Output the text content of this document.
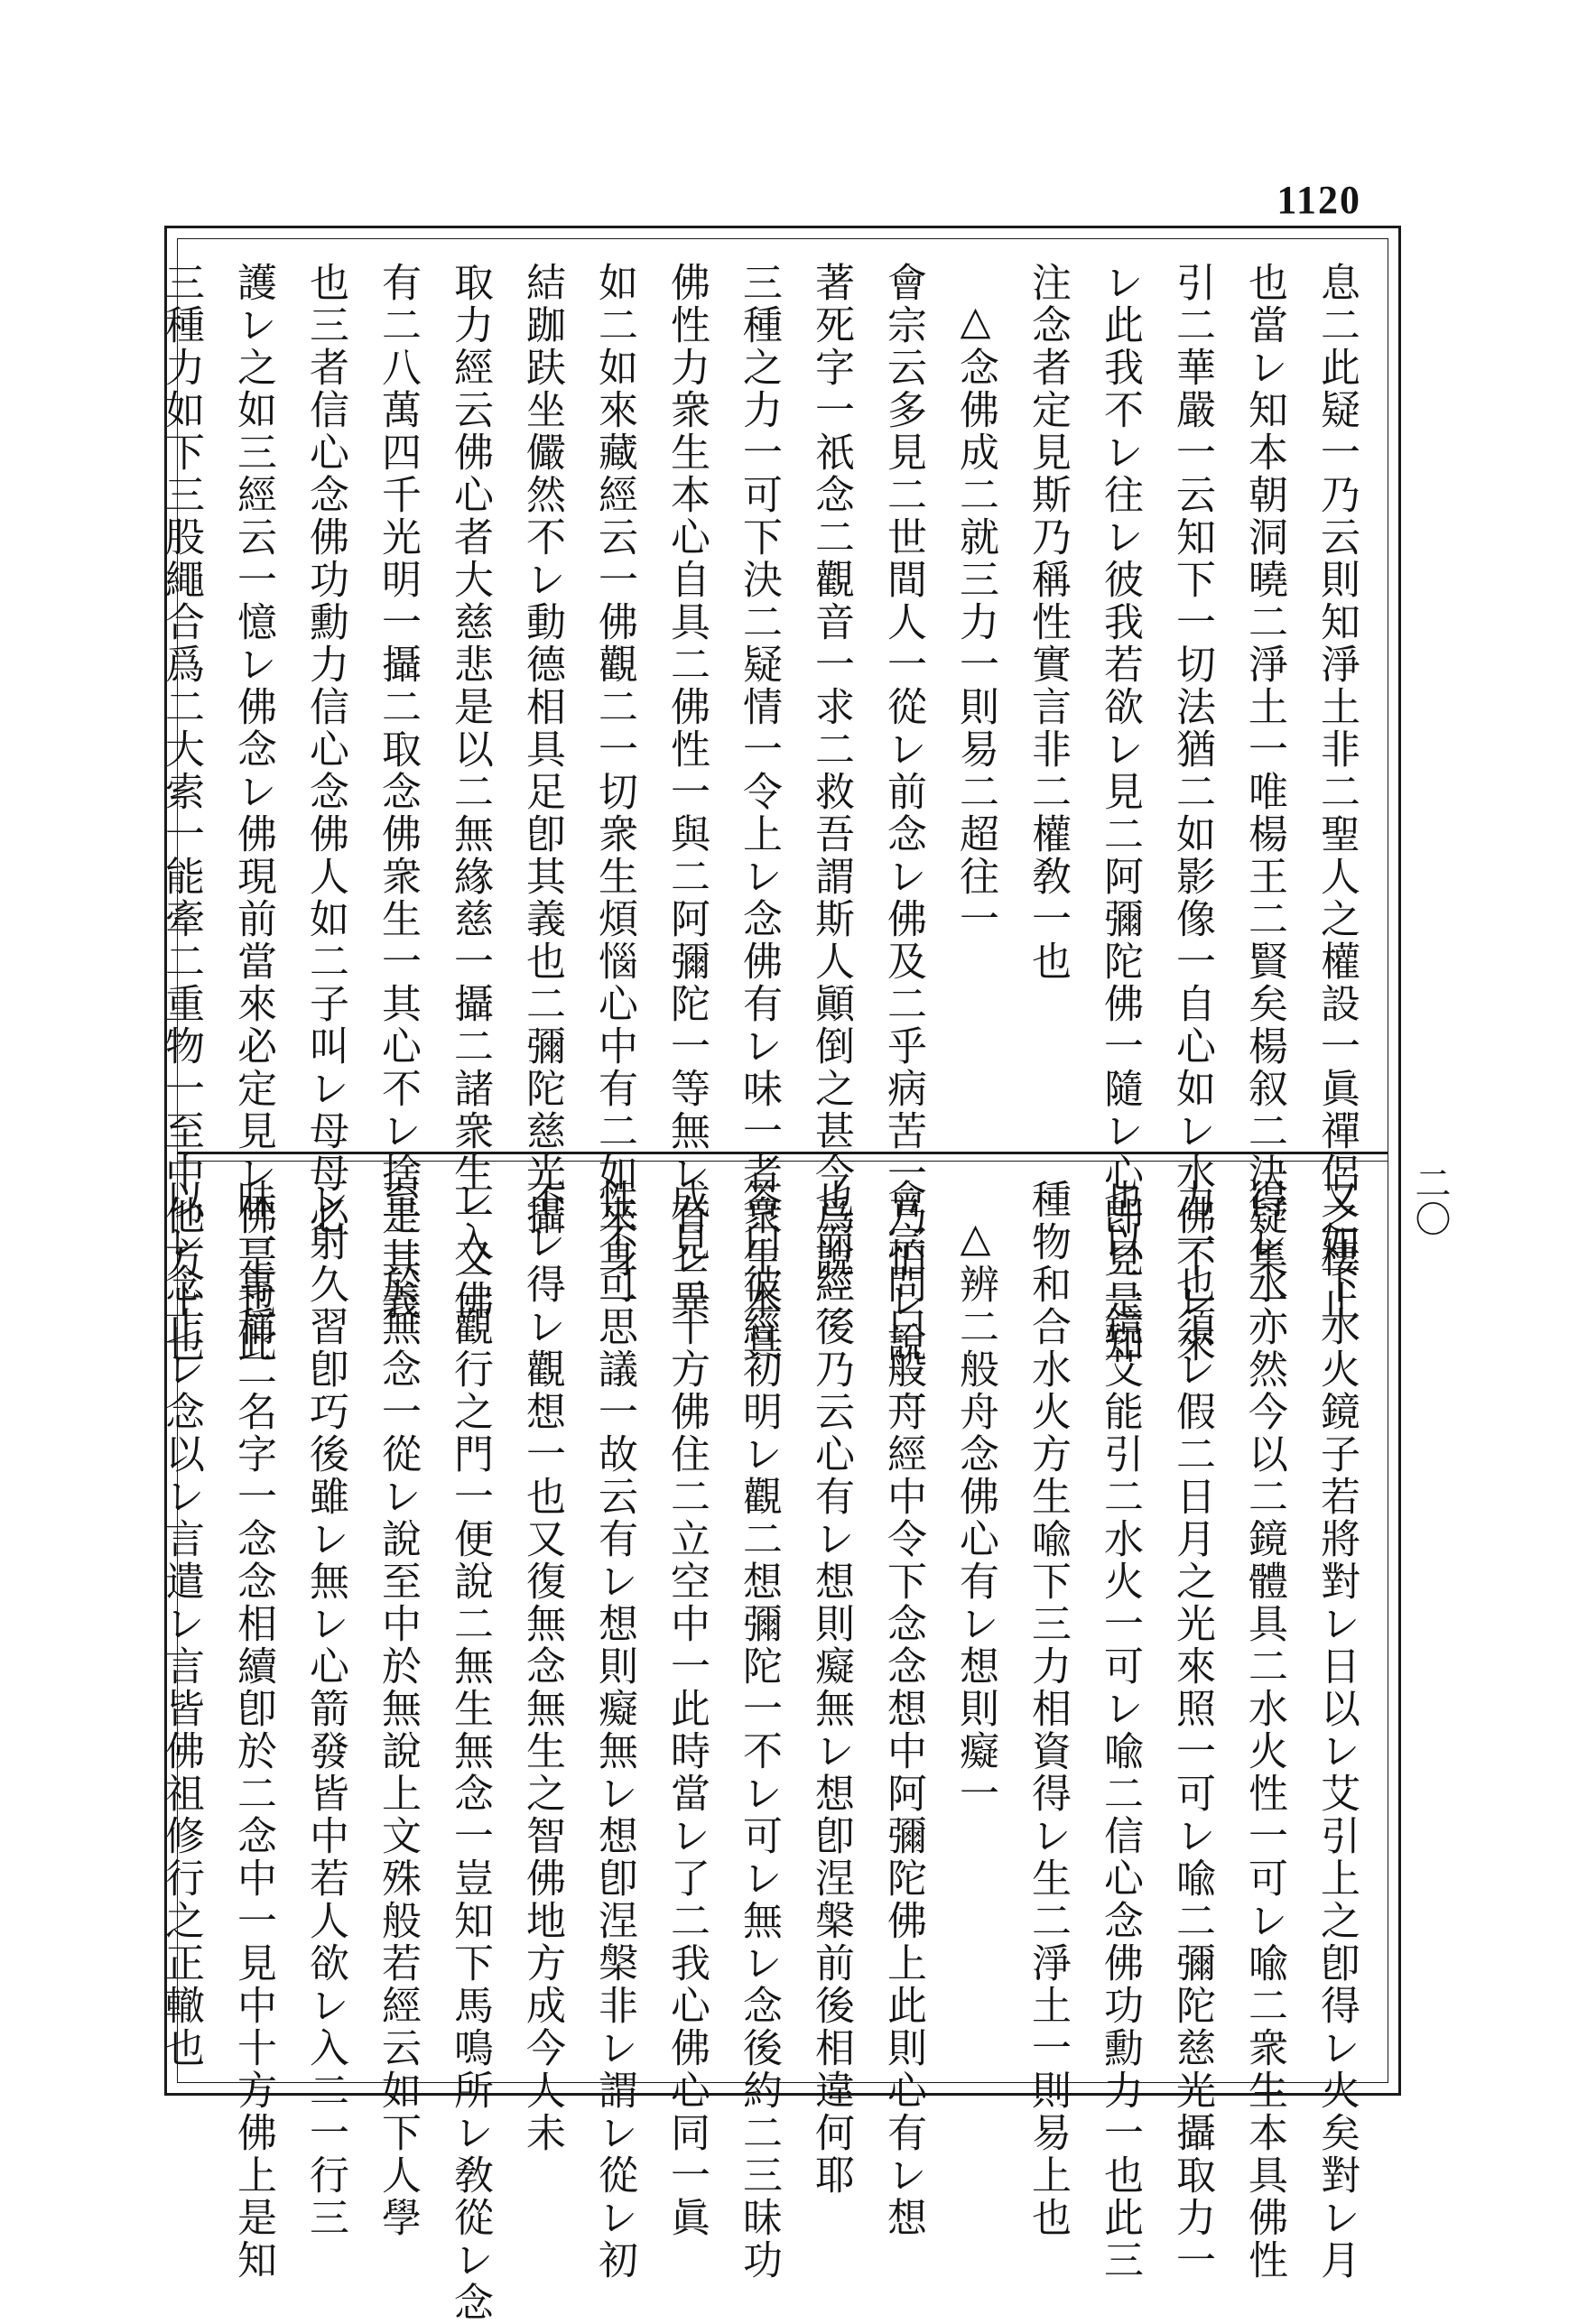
1120
息二此疑一乃云則知淨土非二聖人之權設一眞禪侶之棲止
也當レ知本朝洞曉二淨土一唯楊王二賢矣楊叙二決疑集一
引二華嚴一云知下一切法猶二如影像一自心如レ水佛不レ來
レ此我不レ往レ彼我若欲レ見二阿彌陀佛一隨レ心卽見是知
注念者定見斯乃稱性實言非二權敎一也
△念佛成二就三力一則易二超往一
會宗云多見二世間人一從レ前念レ佛及二乎病苦一乃怕レ說二
著死字一祇念二觀音一求二救吾謂斯人顚倒之甚今爲說二
三種之力一可下決二疑情一令上レ念佛有レ味一者衆生本具
佛性力衆生本心自具二佛性一與二阿彌陀一等無レ有レ異
如二如來藏經云一佛觀二一切衆生煩惱心中有二如來身一
結跏趺坐儼然不レ動德相具足卽其義也二彌陀慈光攝
取力經云佛心者大慈悲是以二無緣慈一攝二諸衆生一又佛
有二八萬四千光明一攝二取念佛衆生一其心不レ捨是其義
也三者信心念佛功勳力信心念佛人如二子叫レ母母必
護レ之如三經云一憶レ佛念レ佛現前當來必定見レ佛是也此
三種力如下三股繩合爲二大索一能牽二重物一至中他方上也
又如下水火鏡子若將對レ日以レ艾引上之卽得レ火矣對レ月
得レ水亦然今以二鏡體具二水火性一可レ喩二衆生本具佛性
力一也須レ假二日月之光來照一可レ喩二彌陀慈光攝取力一
也以二鏡艾能引二水火一可レ喩二信心念佛功勳力一也此三
種物和合水火方生喩下三力相資得レ生二淨土一則易上也
△辨二般舟念佛心有レ想則癡一
會宗問曰般舟經中令下念念想中阿彌陀佛上此則心有レ想
也而經後乃云心有レ想則癡無レ想卽涅槃前後相違何耶
答曰彼經初明レ觀二想彌陀一不レ可レ無レ念後約二三昧功
成見三十方佛住二立空中一此時當レ了二我心佛心同一眞
性不可思議一故云有レ想則癡無レ想卽涅槃非レ謂レ從レ初
不レ得レ觀想一也又復無念無生之智佛地方成今人未
レ入二觀行之門一便說二無生無念一豈知下馬鳴所レ敎從レ念
至二於無念一從レ說至中於無說上文殊般若經云如下人學
レ射久習卽巧後雖レ無レ心箭發皆中若人欲レ入二一行三
昧一專稱二名字一念念相續卽於二念中一見中十方佛上是知
以レ念止レ念以レ言遣レ言皆佛祖修行之正轍也	二〇
